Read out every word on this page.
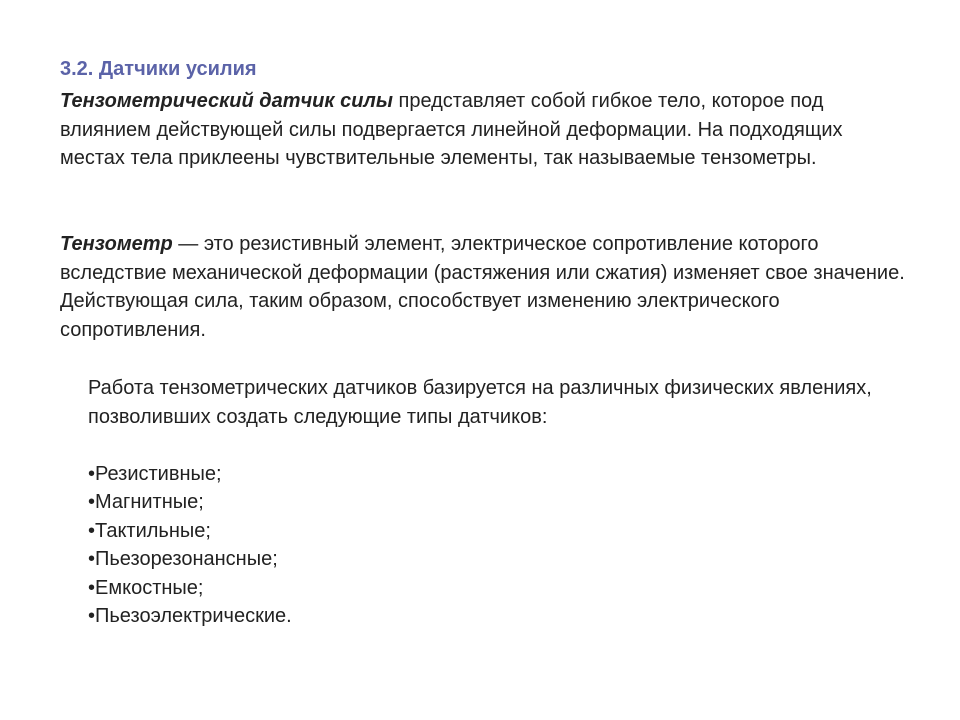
3.2. Датчики усилия

Тензометрический датчик силы представляет собой гибкое тело, которое под влиянием действующей силы подвергается линейной деформации. На подходящих местах тела приклеены чувствительные элементы, так называемые тензометры.

Тензометр — это резистивный элемент, электрическое сопротивление которого вследствие механической деформации (растяжения или сжатия) изменяет свое значение. Действующая сила, таким образом, способствует изменению электрического сопротивления.

Работа тензометрических датчиков базируется на различных физических явлениях, позволивших создать следующие типы датчиков:

•Резистивные;
•Магнитные;
•Тактильные;
•Пьезорезонансные;
•Емкостные;
•Пьезоэлектрические.
